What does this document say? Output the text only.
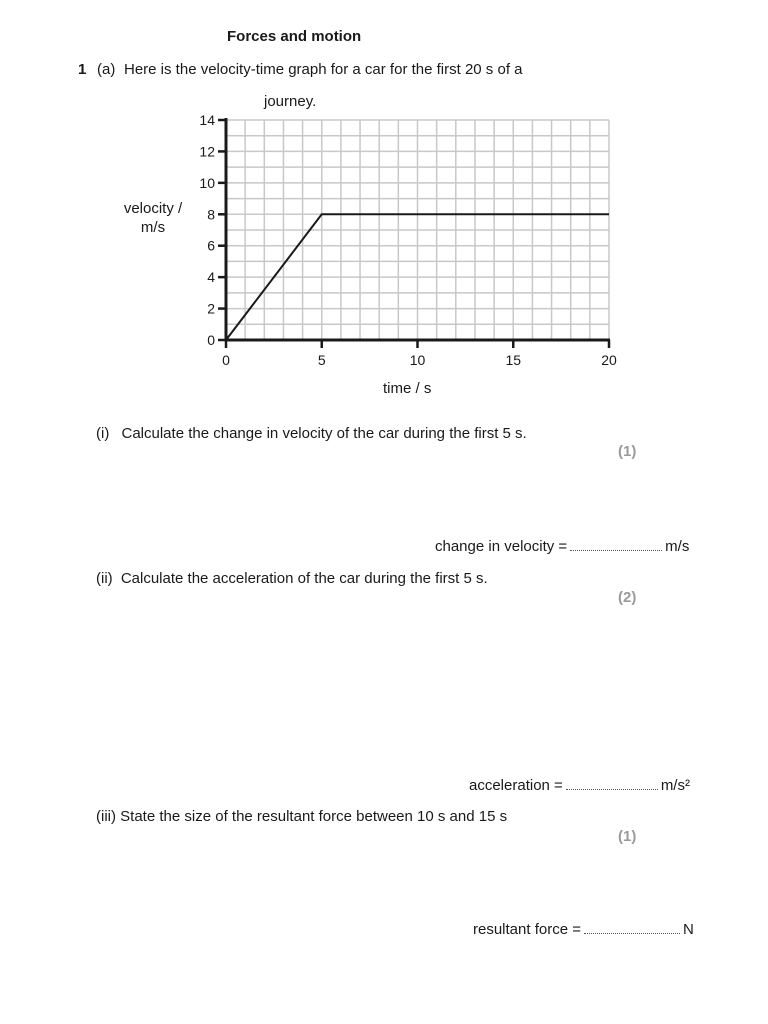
Forces and motion
1 (a) Here is the velocity-time graph for a car for the first 20 s of a
journey.
velocity /
m/s
0
2
4
6
8
10
12
14
0	5	10	15	20
time / s
(i) Calculate the change in velocity of the car during the first 5 s.
(1)
change in velocity =	m/s
(ii) Calculate the acceleration of the car during the first 5 s.
(2)
acceleration =	m/s²
(iii) State the size of the resultant force between 10 s and 15 s
(1)
resultant force =	N
